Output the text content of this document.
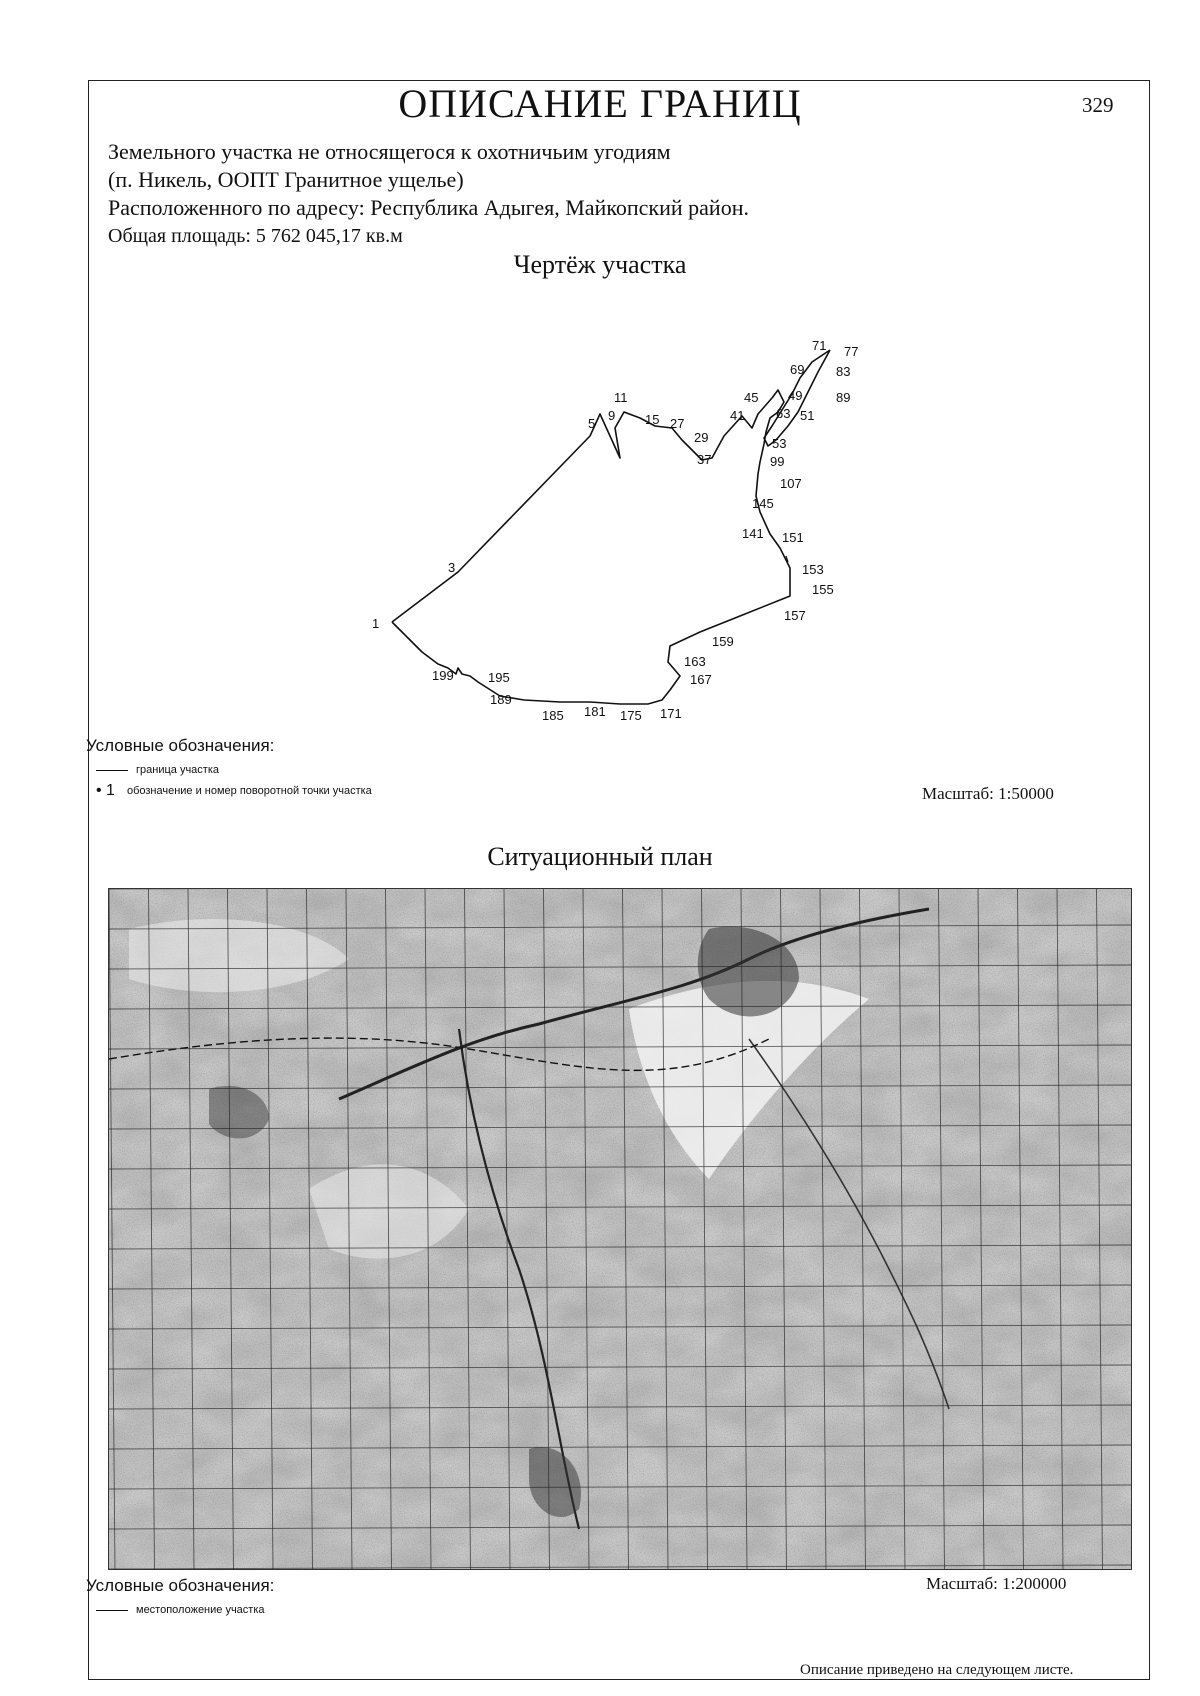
ОПИСАНИЕ ГРАНИЦ	329
Земельного участка не относящегося к охотничьим угодиям
(п. Никель, ООПТ Гранитное ущелье)
Расположенного по адресу: Республика Адыгея, Майкопский район.
Общая площадь: 5 762 045,17 кв.м
Чертёж участка
1
3
5
9
11
15 27
29
37
41
45 49
51
53
63
69
71 77
83
89
99
107
141
145
151
153
155
157
159
163
167
171
175
181
185
189
195
199
Условные обозначения:
граница участка
• 1 обозначение и номер поворотной точки участка	Масштаб: 1:50000
Ситуационный план
Условные обозначения:
местоположение участка
Масштаб: 1:200000
Описание приведено на следующем листе.
